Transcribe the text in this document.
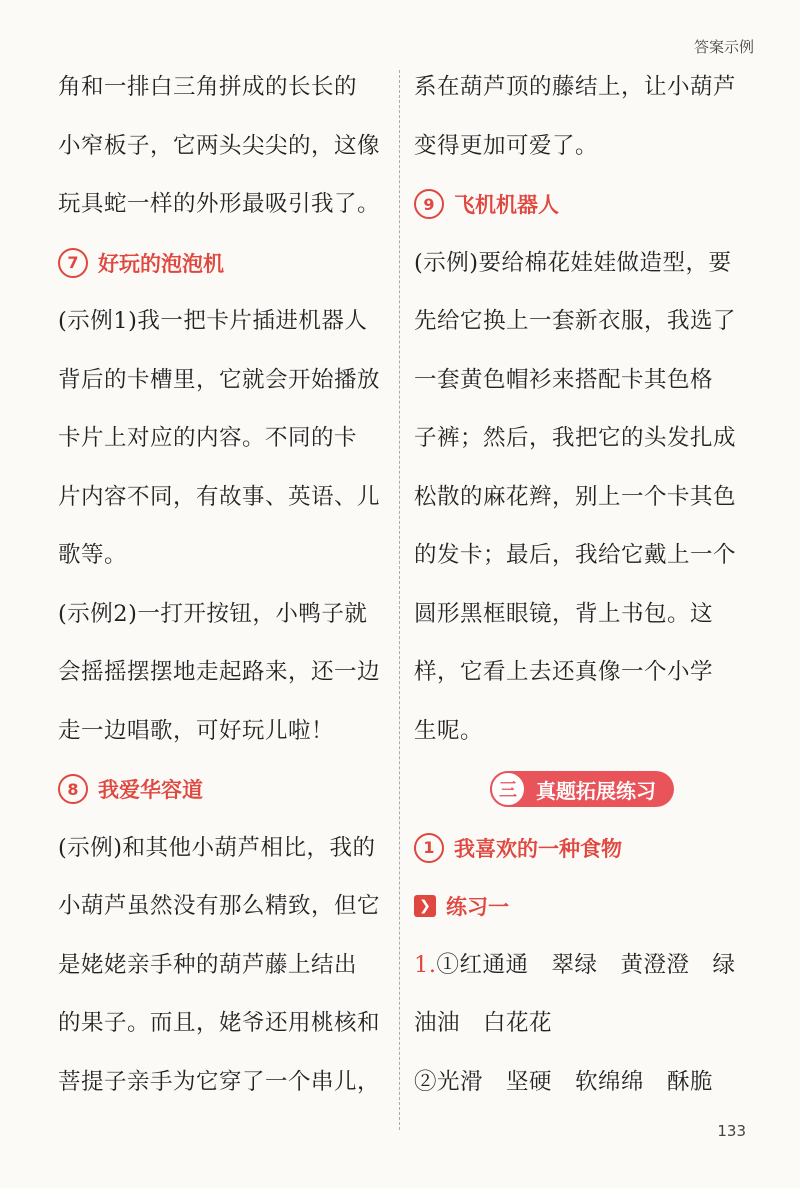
答案示例
角和一排白三角拼成的长长的
小窄板子，它两头尖尖的，这像
玩具蛇一样的外形最吸引我了。
7 好玩的泡泡机
(示例1)我一把卡片插进机器人
背后的卡槽里，它就会开始播放
卡片上对应的内容。不同的卡
片内容不同，有故事、英语、儿
歌等。
(示例2)一打开按钮，小鸭子就
会摇摇摆摆地走起路来，还一边
走一边唱歌，可好玩儿啦！
8 我爱华容道
(示例)和其他小葫芦相比，我的
小葫芦虽然没有那么精致，但它
是姥姥亲手种的葫芦藤上结出
的果子。而且，姥爷还用桃核和
菩提子亲手为它穿了一个串儿，
系在葫芦顶的藤结上，让小葫芦
变得更加可爱了。
9 飞机机器人
(示例)要给棉花娃娃做造型，要
先给它换上一套新衣服，我选了
一套黄色帽衫来搭配卡其色格
子裤；然后，我把它的头发扎成
松散的麻花辫，别上一个卡其色
的发卡；最后，我给它戴上一个
圆形黑框眼镜，背上书包。这
样，它看上去还真像一个小学
生呢。
三 真题拓展练习
1 我喜欢的一种食物
❯ 练习一
1.①红通通　翠绿　黄澄澄　绿
油油　白花花
②光滑　坚硬　软绵绵　酥脆
133
